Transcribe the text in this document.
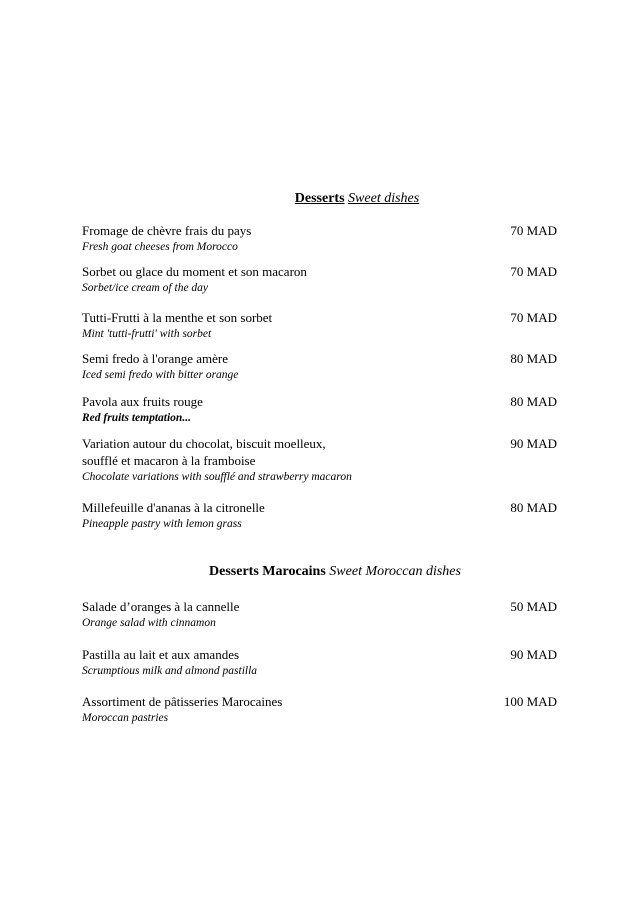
Desserts Sweet dishes
Fromage de chèvre frais du pays
Fresh goat cheeses from Morocco
70 MAD
Sorbet ou glace du moment et son macaron
Sorbet/ice cream of the day
70 MAD
Tutti-Frutti à la menthe et son sorbet
Mint 'tutti-frutti' with sorbet
70 MAD
Semi fredo à l'orange amère
Iced semi fredo with bitter orange
80 MAD
Pavola aux fruits rouge
Red fruits temptation...
80 MAD
Variation autour du chocolat, biscuit moelleux,
soufflé et macaron à la framboise
Chocolate variations with soufflé and strawberry macaron
90 MAD
Millefeuille d'ananas à la citronelle
Pineapple pastry with lemon grass
80 MAD
Desserts Marocains Sweet Moroccan dishes
Salade d’oranges à la cannelle
Orange salad with cinnamon
50 MAD
Pastilla au lait et aux amandes
Scrumptious milk and almond pastilla
90 MAD
Assortiment de pâtisseries Marocaines
Moroccan pastries
100 MAD
